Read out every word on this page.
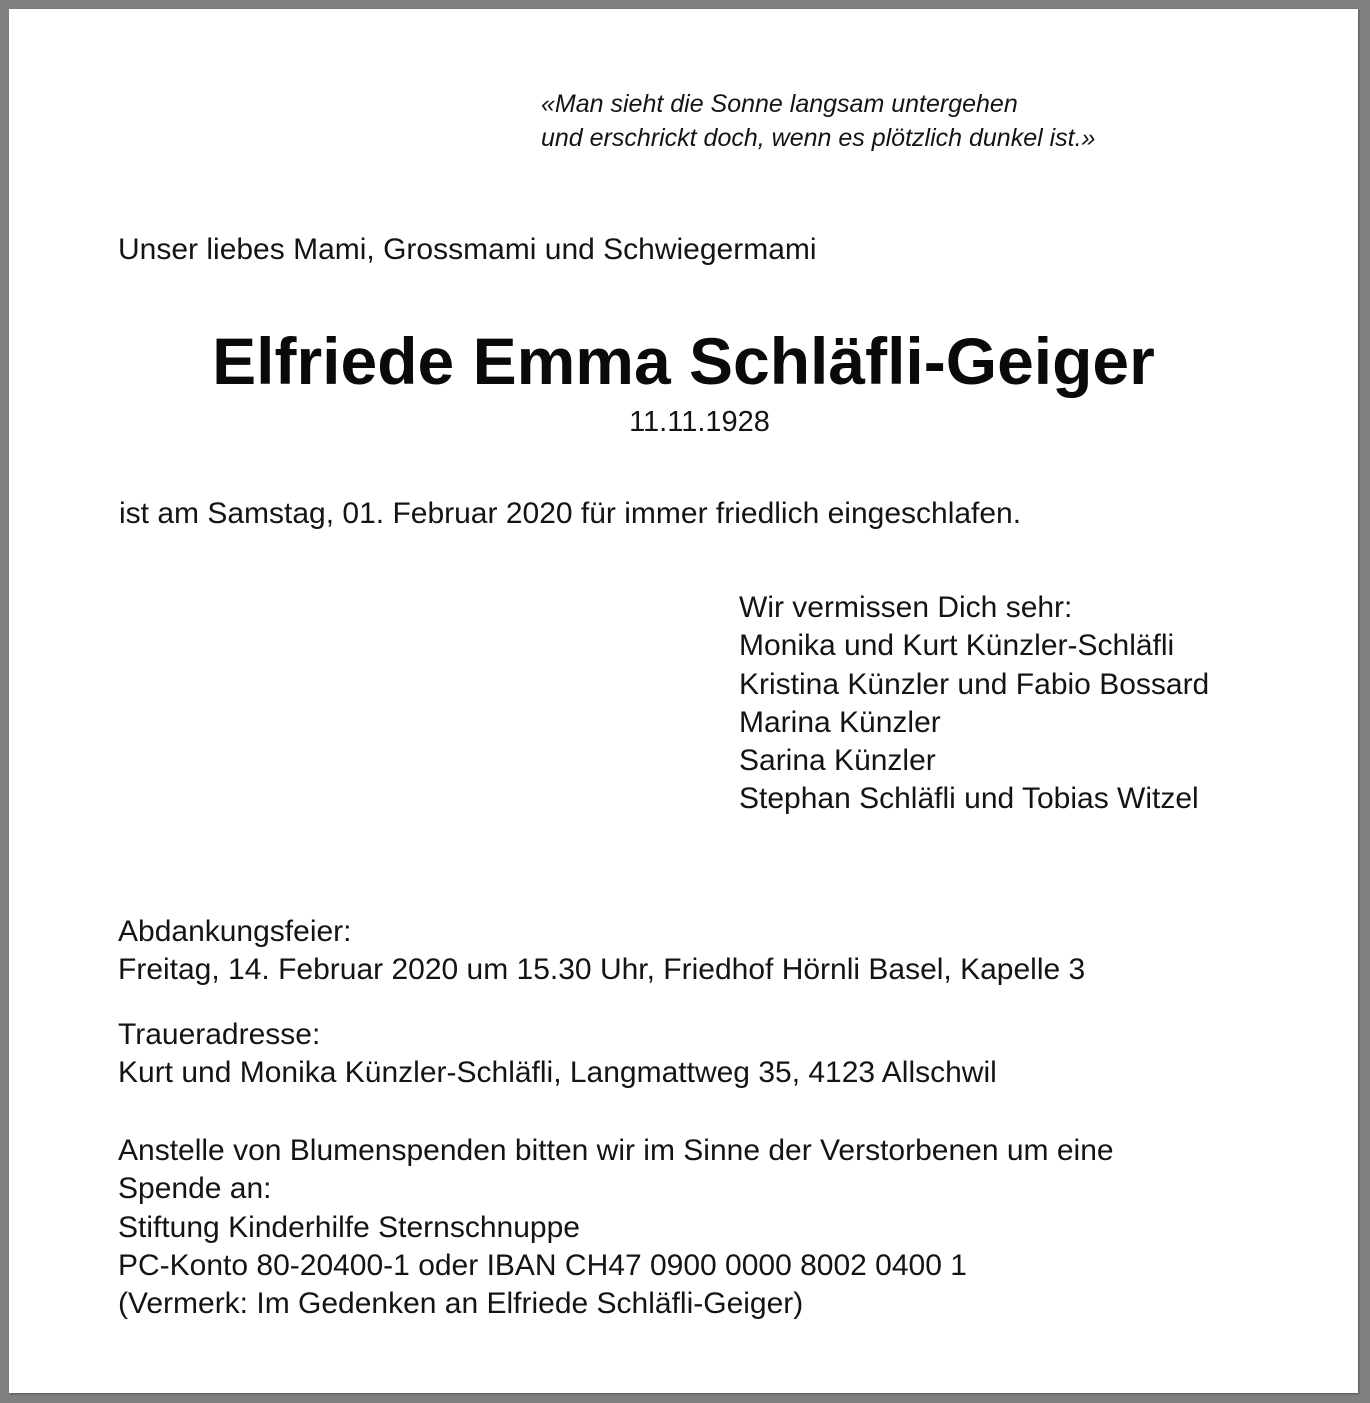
«Man sieht die Sonne langsam untergehen
und erschrickt doch, wenn es plötzlich dunkel ist.»
Unser liebes Mami, Grossmami und Schwiegermami
Elfriede Emma Schläfli-Geiger
11.11.1928
ist am Samstag, 01. Februar 2020 für immer friedlich eingeschlafen.
Wir vermissen Dich sehr:
Monika und Kurt Künzler-Schläfli
Kristina Künzler und Fabio Bossard
Marina Künzler
Sarina Künzler
Stephan Schläfli und Tobias Witzel
Abdankungsfeier:
Freitag, 14. Februar 2020 um 15.30 Uhr, Friedhof Hörnli Basel, Kapelle 3
Traueradresse:
Kurt und Monika Künzler-Schläfli, Langmattweg 35, 4123 Allschwil
Anstelle von Blumenspenden bitten wir im Sinne der Verstorbenen um eine
Spende an:
Stiftung Kinderhilfe Sternschnuppe
PC-Konto 80-20400-1 oder IBAN CH47 0900 0000 8002 0400 1
(Vermerk: Im Gedenken an Elfriede Schläfli-Geiger)
